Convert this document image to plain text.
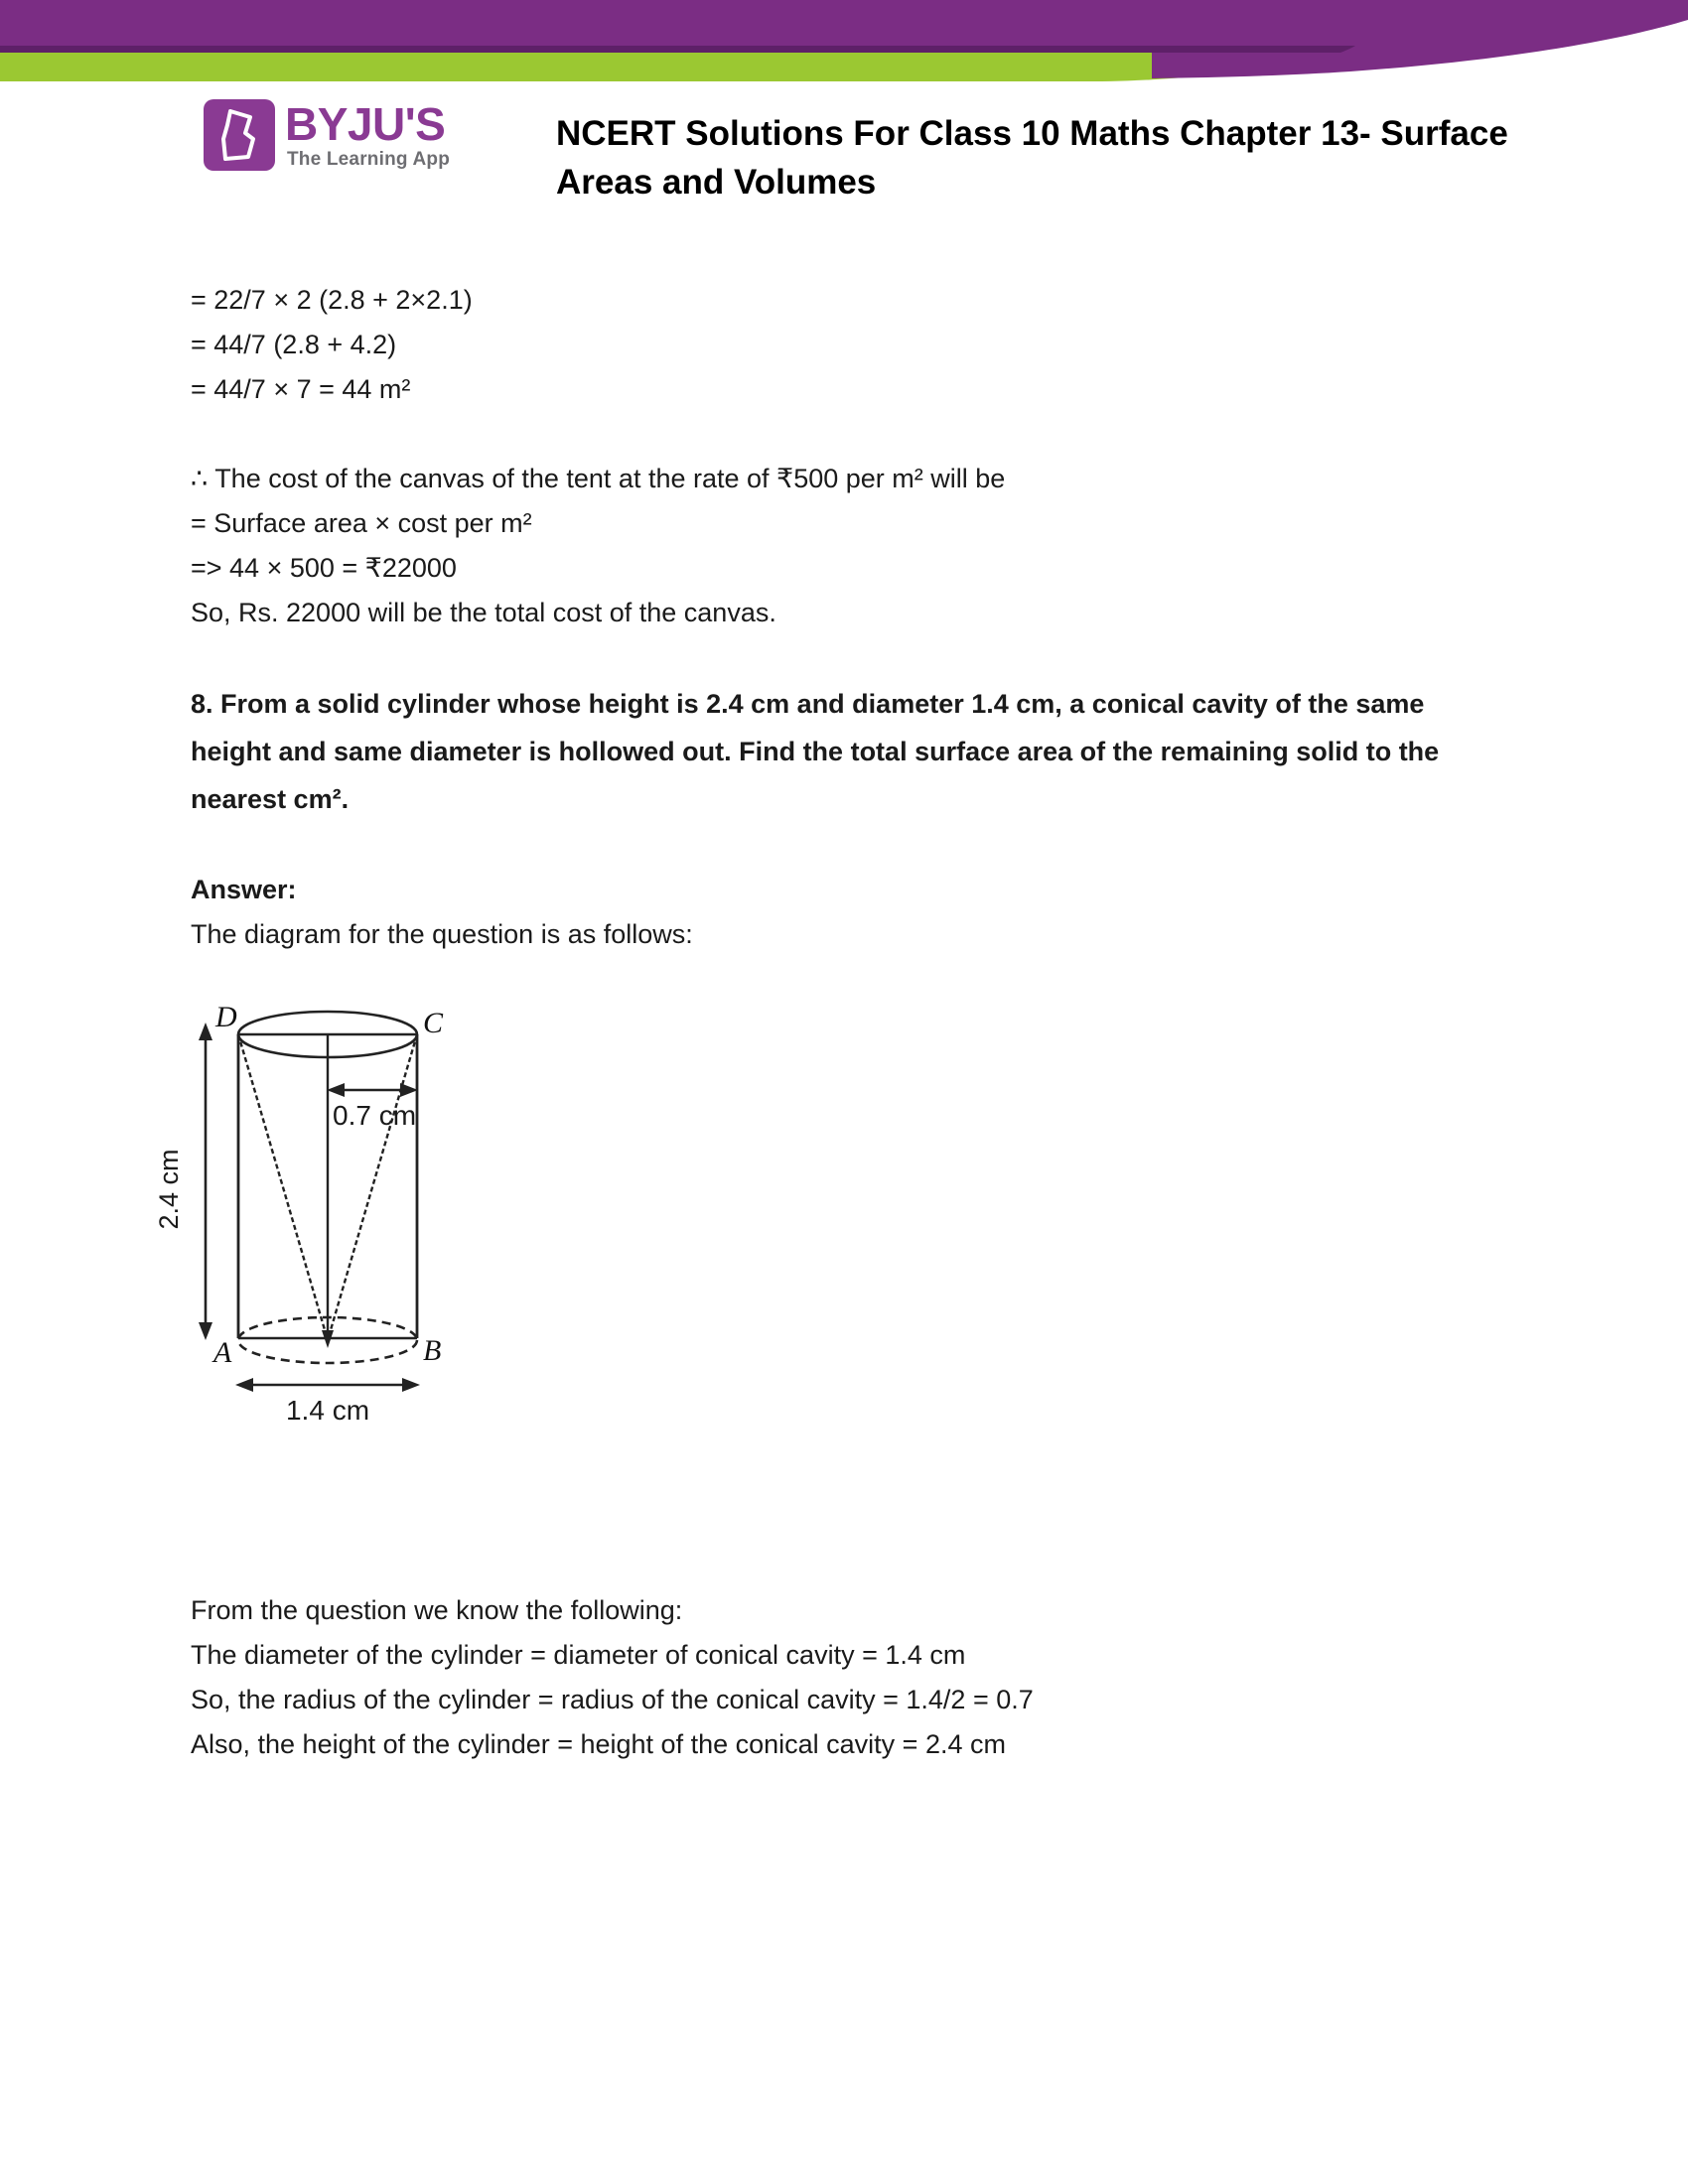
BYJU'S
The Learning App
NCERT Solutions For Class 10 Maths Chapter 13- Surface Areas and Volumes
= 22/7 × 2 (2.8 + 2×2.1)
= 44/7 (2.8 + 4.2)
= 44/7 × 7 = 44 m²
∴ The cost of the canvas of the tent at the rate of ₹500 per m² will be
= Surface area × cost per m²
=> 44 × 500 = ₹22000
So, Rs. 22000 will be the total cost of the canvas.
8. From a solid cylinder whose height is 2.4 cm and diameter 1.4 cm, a conical cavity of the same height and same diameter is hollowed out. Find the total surface area of the remaining solid to the nearest cm².
Answer:
The diagram for the question is as follows:
2.4 cm
0.7 cm
1.4 cm
D	C
A	B
From the question we know the following:
The diameter of the cylinder = diameter of conical cavity = 1.4 cm
So, the radius of the cylinder = radius of the conical cavity = 1.4/2 = 0.7
Also, the height of the cylinder = height of the conical cavity = 2.4 cm
